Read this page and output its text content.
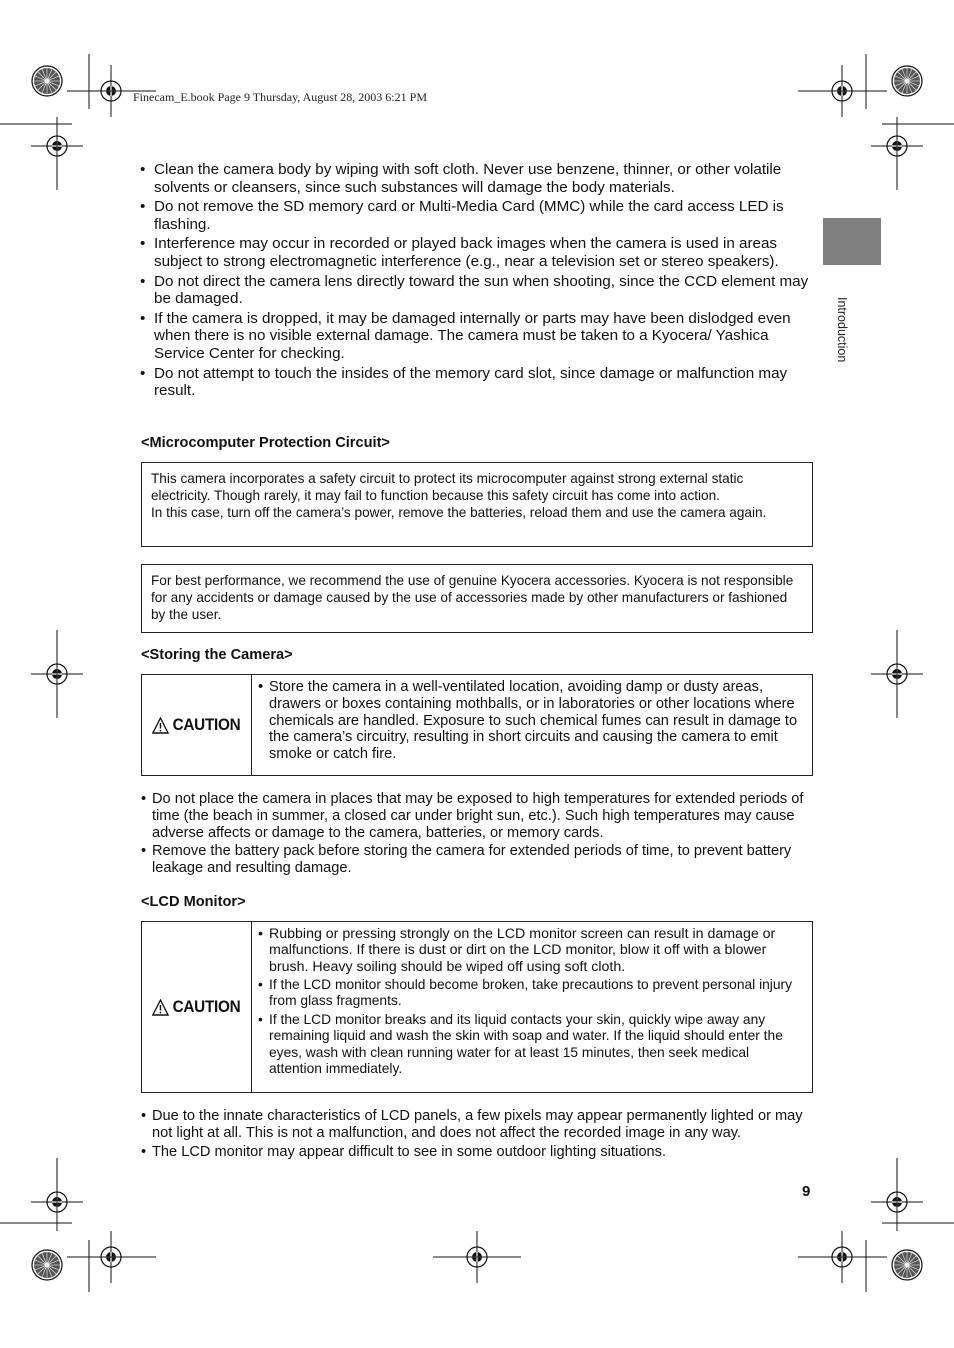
Finecam_E.book Page 9 Thursday, August 28, 2003 6:21 PM
Introduction
• Clean the camera body by wiping with soft cloth. Never use benzene, thinner, or other volatile solvents or cleansers, since such substances will damage the body materials.
• Do not remove the SD memory card or Multi-Media Card (MMC) while the card access LED is flashing.
• Interference may occur in recorded or played back images when the camera is used in areas subject to strong electromagnetic interference (e.g., near a television set or stereo speakers).
• Do not direct the camera lens directly toward the sun when shooting, since the CCD element may be damaged.
• If the camera is dropped, it may be damaged internally or parts may have been dislodged even when there is no visible external damage. The camera must be taken to a Kyocera/ Yashica Service Center for checking.
• Do not attempt to touch the insides of the memory card slot, since damage or malfunction may result.
<Microcomputer Protection Circuit>
This camera incorporates a safety circuit to protect its microcomputer against strong external static electricity. Though rarely, it may fail to function because this safety circuit has come into action.
In this case, turn off the camera’s power, remove the batteries, reload them and use the camera again.
For best performance, we recommend the use of genuine Kyocera accessories. Kyocera is not responsible for any accidents or damage caused by the use of accessories made by other manufacturers or fashioned by the user.
<Storing the Camera>
CAUTION
• Store the camera in a well-ventilated location, avoiding damp or dusty areas, drawers or boxes containing mothballs, or in laboratories or other locations where chemicals are handled. Exposure to such chemical fumes can result in damage to the camera’s circuitry, resulting in short circuits and causing the camera to emit smoke or catch fire.
• Do not place the camera in places that may be exposed to high temperatures for extended periods of time (the beach in summer, a closed car under bright sun, etc.). Such high temperatures may cause adverse affects or damage to the camera, batteries, or memory cards.
• Remove the battery pack before storing the camera for extended periods of time, to prevent battery leakage and resulting damage.
<LCD Monitor>
CAUTION
• Rubbing or pressing strongly on the LCD monitor screen can result in damage or malfunctions. If there is dust or dirt on the LCD monitor, blow it off with a blower brush. Heavy soiling should be wiped off using soft cloth.
• If the LCD monitor should become broken, take precautions to prevent personal injury from glass fragments.
• If the LCD monitor breaks and its liquid contacts your skin, quickly wipe away any remaining liquid and wash the skin with soap and water. If the liquid should enter the eyes, wash with clean running water for at least 15 minutes, then seek medical attention immediately.
• Due to the innate characteristics of LCD panels, a few pixels may appear permanently lighted or may not light at all. This is not a malfunction, and does not affect the recorded image in any way.
• The LCD monitor may appear difficult to see in some outdoor lighting situations.
9
